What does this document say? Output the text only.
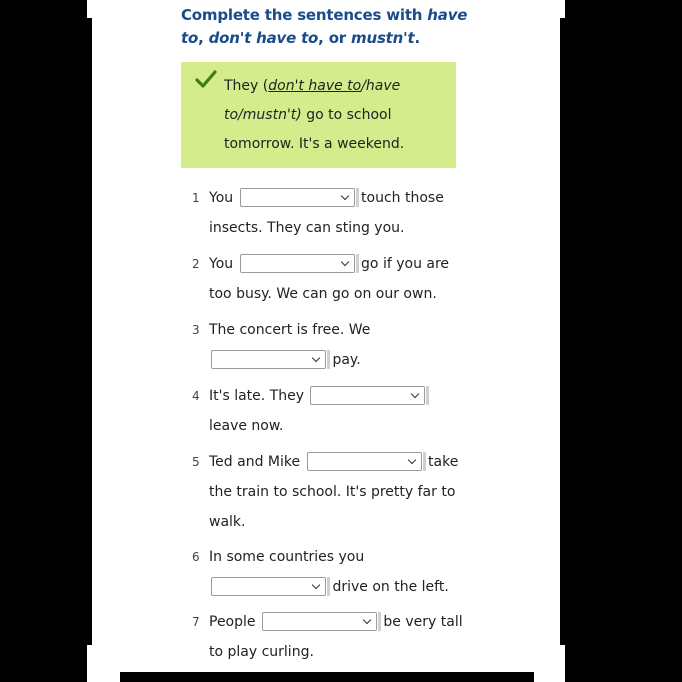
Complete the sentences with have to, don't have to, or mustn't.
They (don't have to/have to/mustn't) go to school tomorrow. It's a weekend.
1 You	touch those insects. They can sting you.
2 You	go if you are too busy. We can go on our own.
3 The concert is free. We

pay.
4 It's late. They

leave now.
5 Ted and Mike	take the train to school. It's pretty far to walk.
6 In some countries you

drive on the left.
7 People	be very tall to play curling.
